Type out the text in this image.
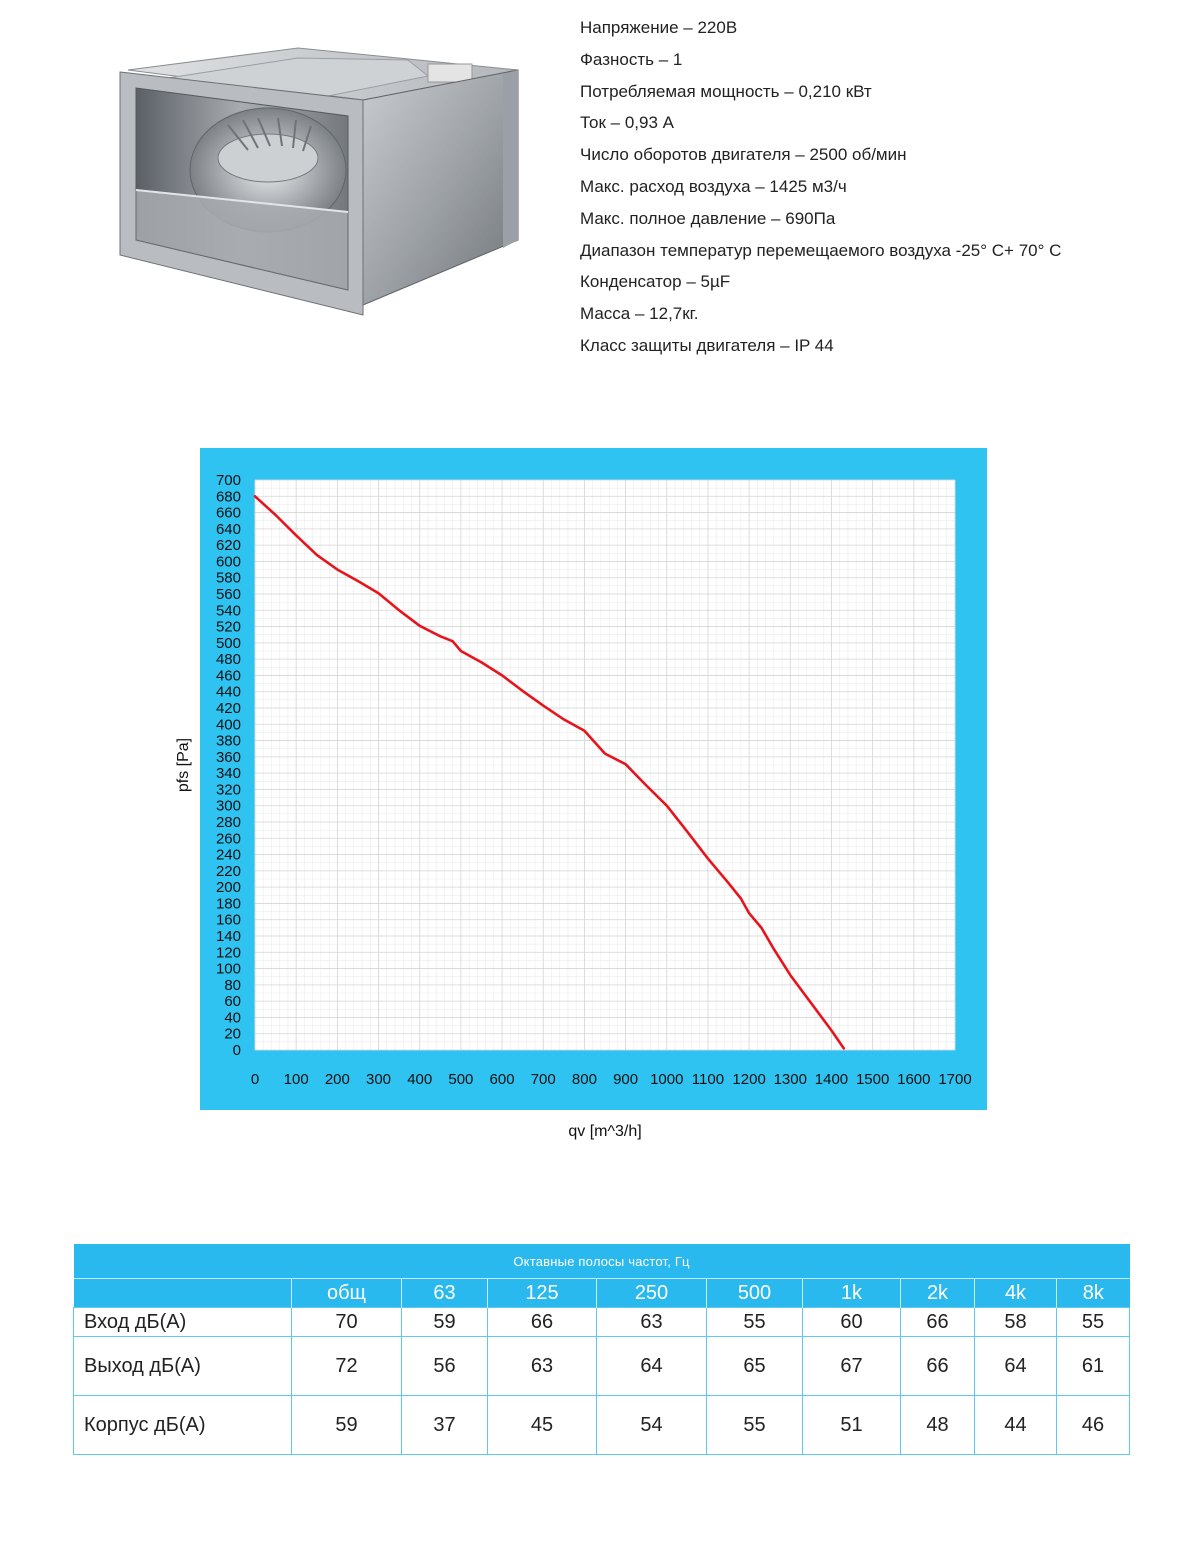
Напряжение – 220В
Фазность – 1
Потребляемая мощность – 0,210 кВт
Ток – 0,93 А
Число оборотов двигателя – 2500 об/мин
Макс. расход воздуха – 1425 м3/ч
Макс. полное давление – 690Па
Диапазон температур перемещаемого воздуха -25° С+ 70° С
Конденсатор – 5µF
Масса – 12,7кг.
Класс защиты двигателя – IP 44
700
680
660
640
620
600
580
560
540
520
500
480
460
440
420
400
380
360
340
320
300
280
260
240
220
200
180
160
140
120
100
80
60
40
20
0
0 100 200 300 400 500 600 700 800 900 1000 1100 1200 1300 1400 1500 1600 1700
pfs [Pa]
qv [m^3/h]
Октавные полосы частот, Гц									
	общ	63	125	250	500	1k	2k	4k	8k
Вход дБ(А)	70	59	66	63	55	60	66	58	55
Выход дБ(А)	72	56	63	64	65	67	66	64	61
Корпус дБ(А)	59	37	45	54	55	51	48	44	46
